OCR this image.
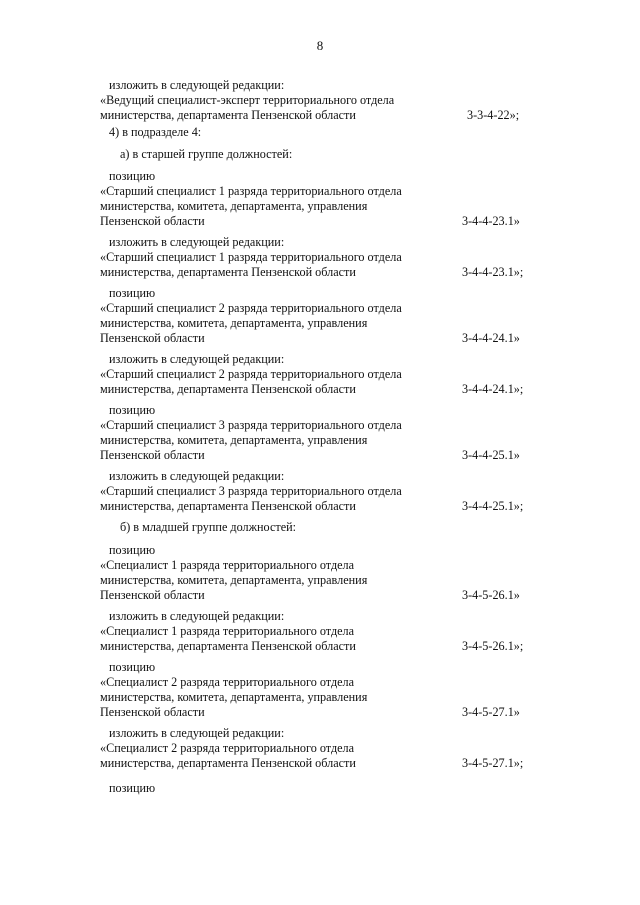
8
изложить в следующей редакции:
«Ведущий специалист-эксперт территориального отдела
министерства, департамента Пензенской области	3-3-4-22»;
4) в подразделе 4:
а) в старшей группе должностей:
позицию
«Старший специалист 1 разряда территориального отдела
министерства, комитета, департамента, управления
Пензенской области	3-4-4-23.1»
изложить в следующей редакции:
«Старший специалист 1 разряда территориального отдела
министерства, департамента Пензенской области	3-4-4-23.1»;
позицию
«Старший специалист 2 разряда территориального отдела
министерства, комитета, департамента, управления
Пензенской области	3-4-4-24.1»
изложить в следующей редакции:
«Старший специалист 2 разряда территориального отдела
министерства, департамента Пензенской области	3-4-4-24.1»;
позицию
«Старший специалист 3 разряда территориального отдела
министерства, комитета, департамента, управления
Пензенской области	3-4-4-25.1»
изложить в следующей редакции:
«Старший специалист 3 разряда территориального отдела
министерства, департамента Пензенской области	3-4-4-25.1»;
б) в младшей группе должностей:
позицию
«Специалист 1 разряда территориального отдела
министерства, комитета, департамента, управления
Пензенской области	3-4-5-26.1»
изложить в следующей редакции:
«Специалист 1 разряда территориального отдела
министерства, департамента Пензенской области	3-4-5-26.1»;
позицию
«Специалист 2 разряда территориального отдела
министерства, комитета, департамента, управления
Пензенской области	3-4-5-27.1»
изложить в следующей редакции:
«Специалист 2 разряда территориального отдела
министерства, департамента Пензенской области	3-4-5-27.1»;
позицию
